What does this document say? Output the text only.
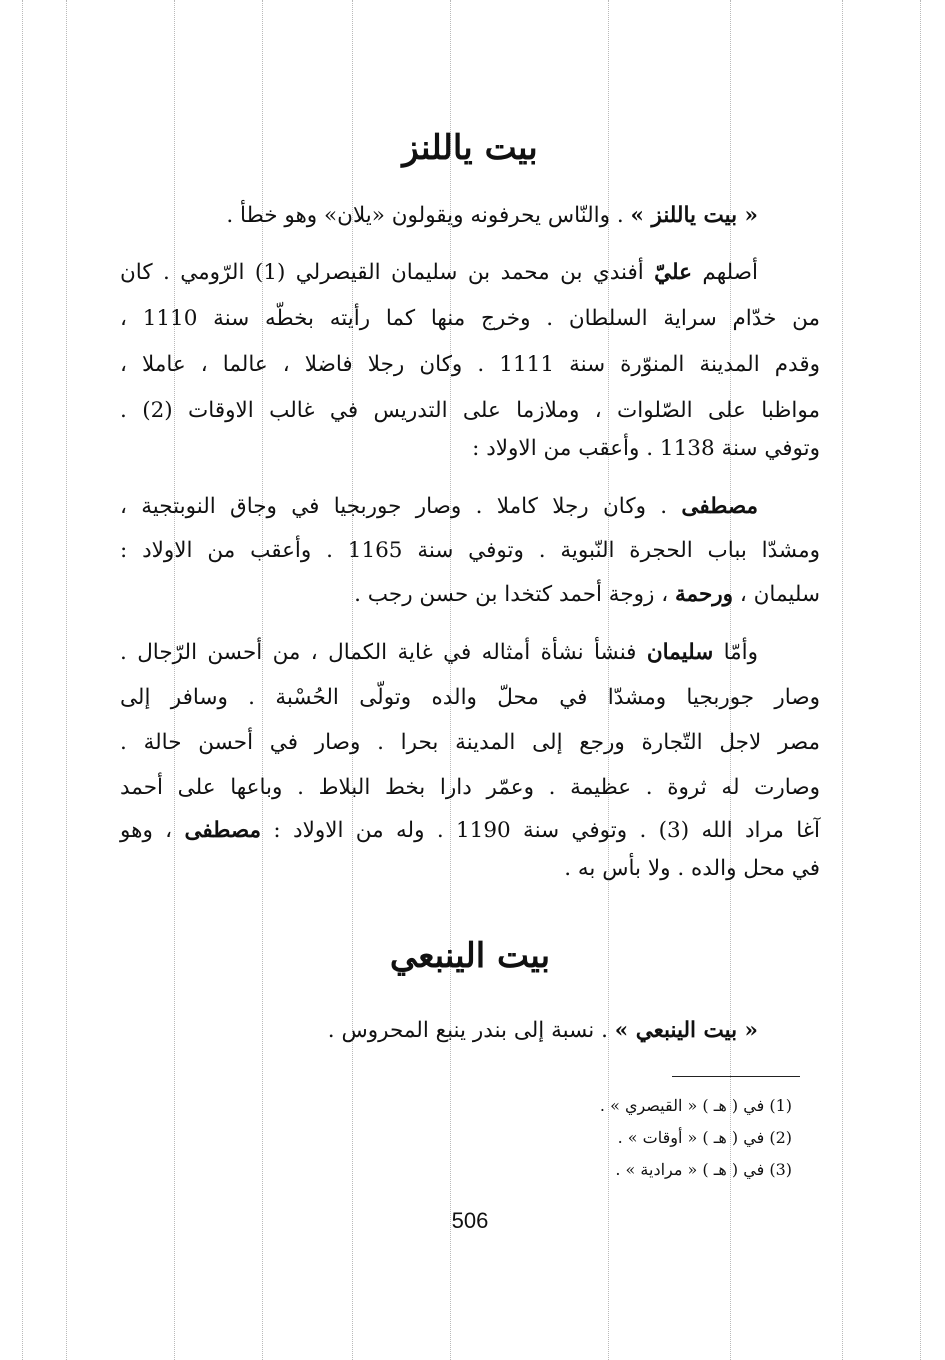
بيت ياللنز
« بيت ياللنز » . والنّاس يحرفونه ويقولون «يلان» وهو خطأ .
أصلهم عليّ أفندي بن محمد بن سليمان القيصرلي (1) الرّومي . كان
من خدّام سراية السلطان . وخرج منها كما رأيته بخطّه سنة 1110 ،
وقدم المدينة المنوّرة سنة 1111 . وكان رجلا فاضلا ، عالما ، عاملا ،
مواظبا على الصّلوات ، وملازما على التدريس في غالب الاوقات (2) .
وتوفي سنة 1138 . وأعقب من الاولاد :
مصطفى . وكان رجلا كاملا . وصار جوربجيا في وجاق النوبتجية ،
ومشدّا بباب الحجرة النّبوية . وتوفي سنة 1165 . وأعقب من الاولاد :
سليمان ، ورحمة ، زوجة أحمد كتخدا بن حسن رجب .
وأمّا سليمان فنشأ نشأة أمثاله في غاية الكمال ، من أحسن الرّجال .
وصار جوربجيا ومشدّا في محلّ والده وتولّى الحُسْبة . وسافر إلى
مصر لاجل التّجارة ورجع إلى المدينة بحرا . وصار في أحسن حالة .
وصارت له ثروة . عظيمة . وعمّر دارا بخط البلاط . وباعها على أحمد
آغا مراد الله (3) . وتوفي سنة 1190 . وله من الاولاد : مصطفى ، وهو
في محل والده . ولا بأس به .
بيت الينبعي
« بيت الينبعي » . نسبة إلى بندر ينبع المحروس .
(1) في ( هـ ) « القيصري » .
(2) في ( هـ ) « أوقات » .
(3) في ( هـ ) « مرادية » .
506
